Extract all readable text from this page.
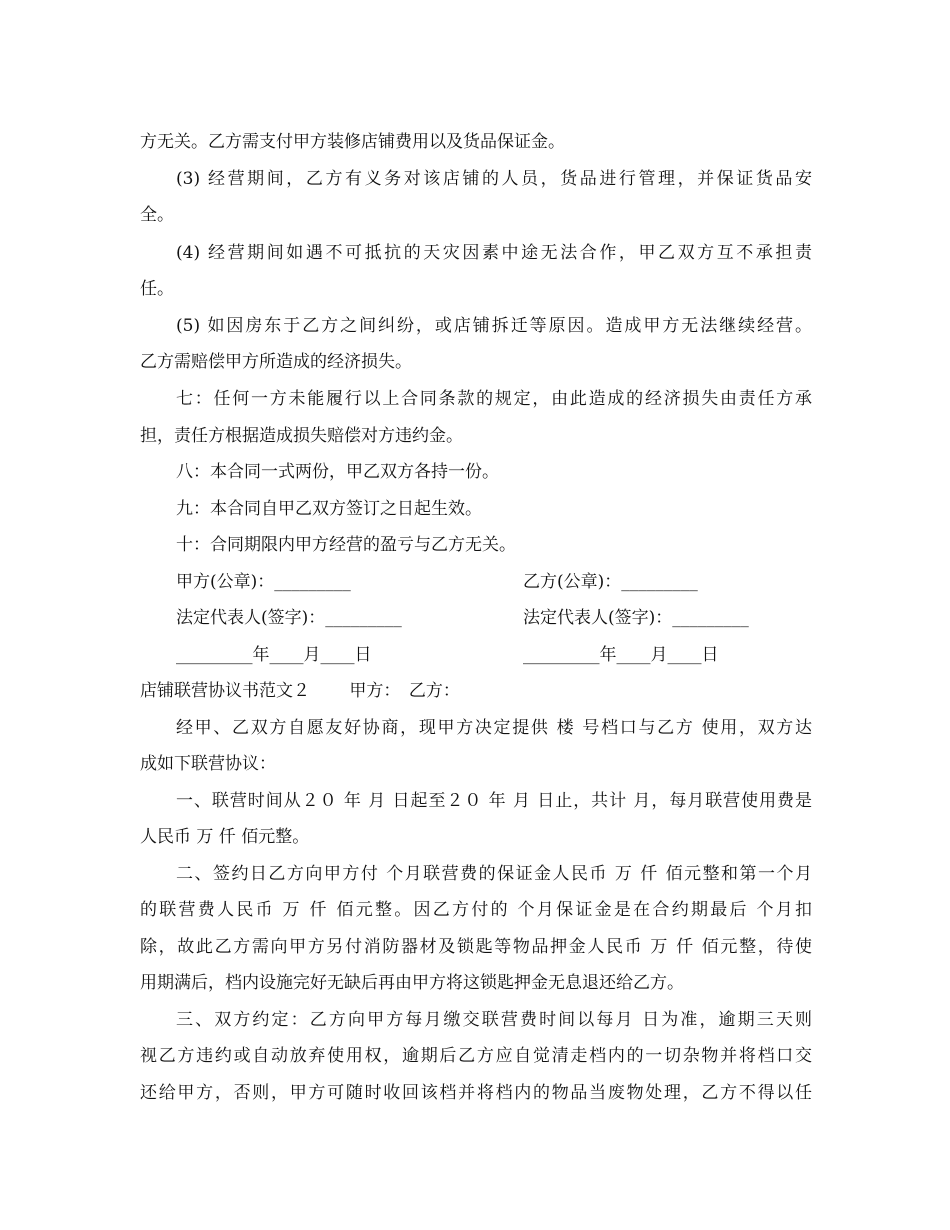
方无关。乙方需支付甲方装修店铺费用以及货品保证金。
(3) 经营期间，乙方有义务对该店铺的人员，货品进行管理，并保证货品安
全。
(4) 经营期间如遇不可抵抗的天灾因素中途无法合作，甲乙双方互不承担责
任。
(5) 如因房东于乙方之间纠纷，或店铺拆迁等原因。造成甲方无法继续经营。
乙方需赔偿甲方所造成的经济损失。
七：任何一方未能履行以上合同条款的规定，由此造成的经济损失由责任方承
担，责任方根据造成损失赔偿对方违约金。
八：本合同一式两份，甲乙双方各持一份。
九：本合同自甲乙双方签订之日起生效。
十：合同期限内甲方经营的盈亏与乙方无关。
甲方(公章)：_________	乙方(公章)：_________
法定代表人(签字)：_________	法定代表人(签字)：_________
_________年____月____日	_________年____月____日
店铺联营协议书范文２　　 甲方：　乙方：
经甲、乙双方自愿友好协商，现甲方决定提供 楼 号档口与乙方 使用，双方达
成如下联营协议：
一、联营时间从２０ 年 月 日起至２０ 年 月 日止，共计 月，每月联营使用费是
人民币 万 仟 佰元整。
二、签约日乙方向甲方付 个月联营费的保证金人民币 万 仟 佰元整和第一个月
的联营费人民币 万 仟 佰元整。因乙方付的 个月保证金是在合约期最后 个月扣
除，故此乙方需向甲方另付消防器材及锁匙等物品押金人民币 万 仟 佰元整，待使
用期满后，档内设施完好无缺后再由甲方将这锁匙押金无息退还给乙方。
三、双方约定：乙方向甲方每月缴交联营费时间以每月 日为准，逾期三天则
视乙方违约或自动放弃使用权，逾期后乙方应自觉清走档内的一切杂物并将档口交
还给甲方，否则，甲方可随时收回该档并将档内的物品当废物处理，乙方不得以任
